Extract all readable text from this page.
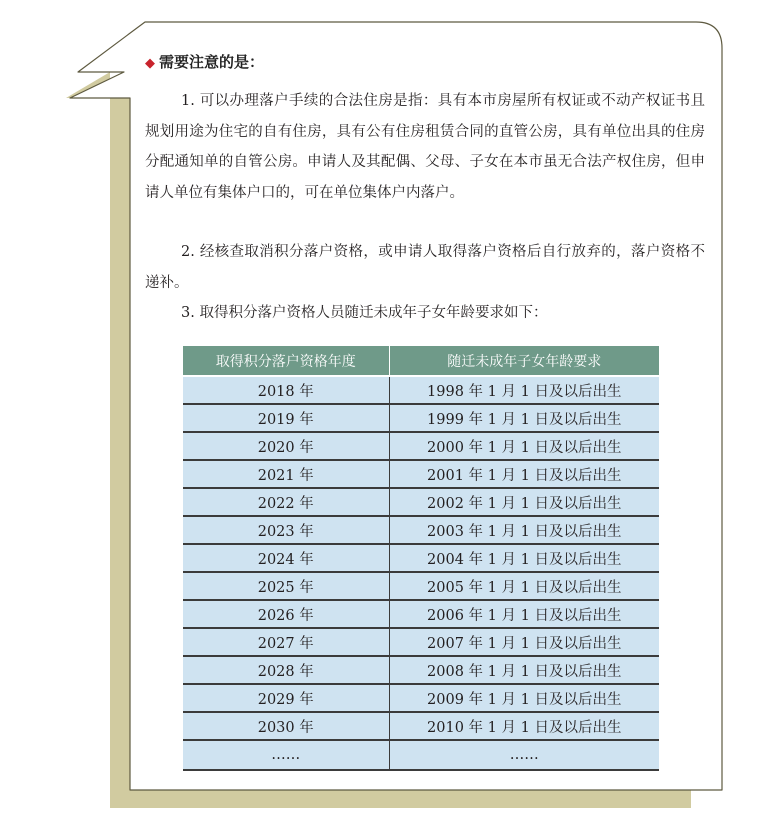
◆ 需要注意的是：
1. 可以办理落户手续的合法住房是指：具有本市房屋所有权证或不动产权证书且规划用途为住宅的自有住房，具有公有住房租赁合同的直管公房，具有单位出具的住房分配通知单的自管公房。申请人及其配偶、父母、子女在本市虽无合法产权住房，但申请人单位有集体户口的，可在单位集体户内落户。
2. 经核查取消积分落户资格，或申请人取得落户资格后自行放弃的，落户资格不递补。
3. 取得积分落户资格人员随迁未成年子女年龄要求如下：
取得积分落户资格年度	随迁未成年子女年龄要求
2018 年	1998 年 1 月 1 日及以后出生
2019 年	1999 年 1 月 1 日及以后出生
2020 年	2000 年 1 月 1 日及以后出生
2021 年	2001 年 1 月 1 日及以后出生
2022 年	2002 年 1 月 1 日及以后出生
2023 年	2003 年 1 月 1 日及以后出生
2024 年	2004 年 1 月 1 日及以后出生
2025 年	2005 年 1 月 1 日及以后出生
2026 年	2006 年 1 月 1 日及以后出生
2027 年	2007 年 1 月 1 日及以后出生
2028 年	2008 年 1 月 1 日及以后出生
2029 年	2009 年 1 月 1 日及以后出生
2030 年	2010 年 1 月 1 日及以后出生
……	……
